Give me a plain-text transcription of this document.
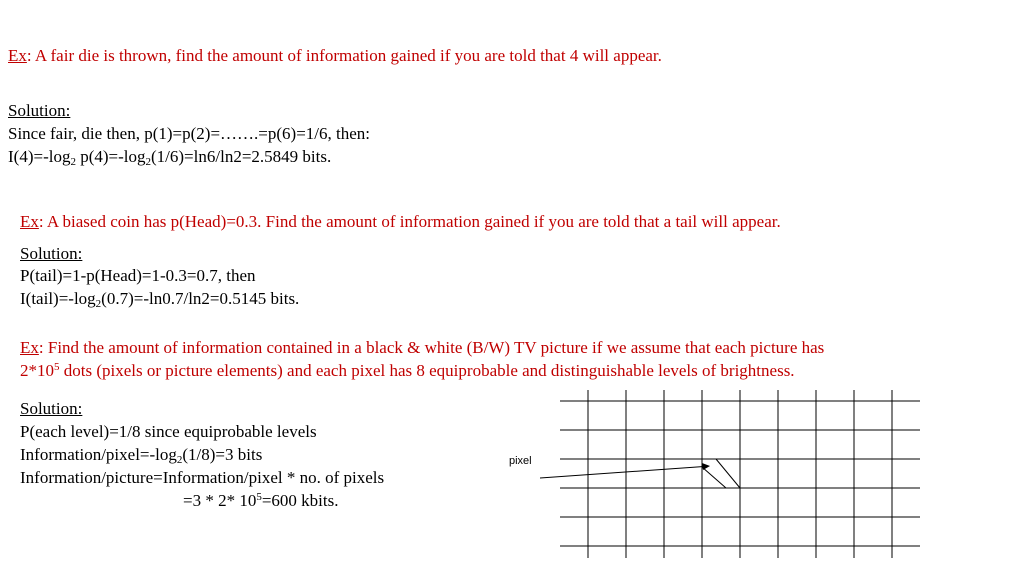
Ex: A fair die is thrown, find the amount of information gained if you are told that 4 will appear.
Solution:
Since fair, die then, p(1)=p(2)=…….=p(6)=1/6, then:
$I(4)=-\log_2$ $p(4)=-\log_2(1/6)=\ln 6/\ln 2=2.5849$ bits.
Ex: A biased coin has p(Head)=0.3. Find the amount of information gained if you are told that a tail will appear.
Solution:
P(tail)=1-p(Head)=1-0.3=0.7, then
$I(tail)=-\log_2(0.7)=-\ln 0.7/\ln 2=0.5145$ bits.
Ex: Find the amount of information contained in a black & white (B/W) TV picture if we assume that each picture has
$2*10^5$ dots (pixels or picture elements) and each pixel has 8 equiprobable and distinguishable levels of brightness.
Solution:
P(each level)=1/8 since equiprobable levels
Information/$pixel=-\log_2(1/8)=3$ bits
Information/picture=Information/pixel * no. of pixels
=3 * 2* $10^5=600$ kbits.
pixel
